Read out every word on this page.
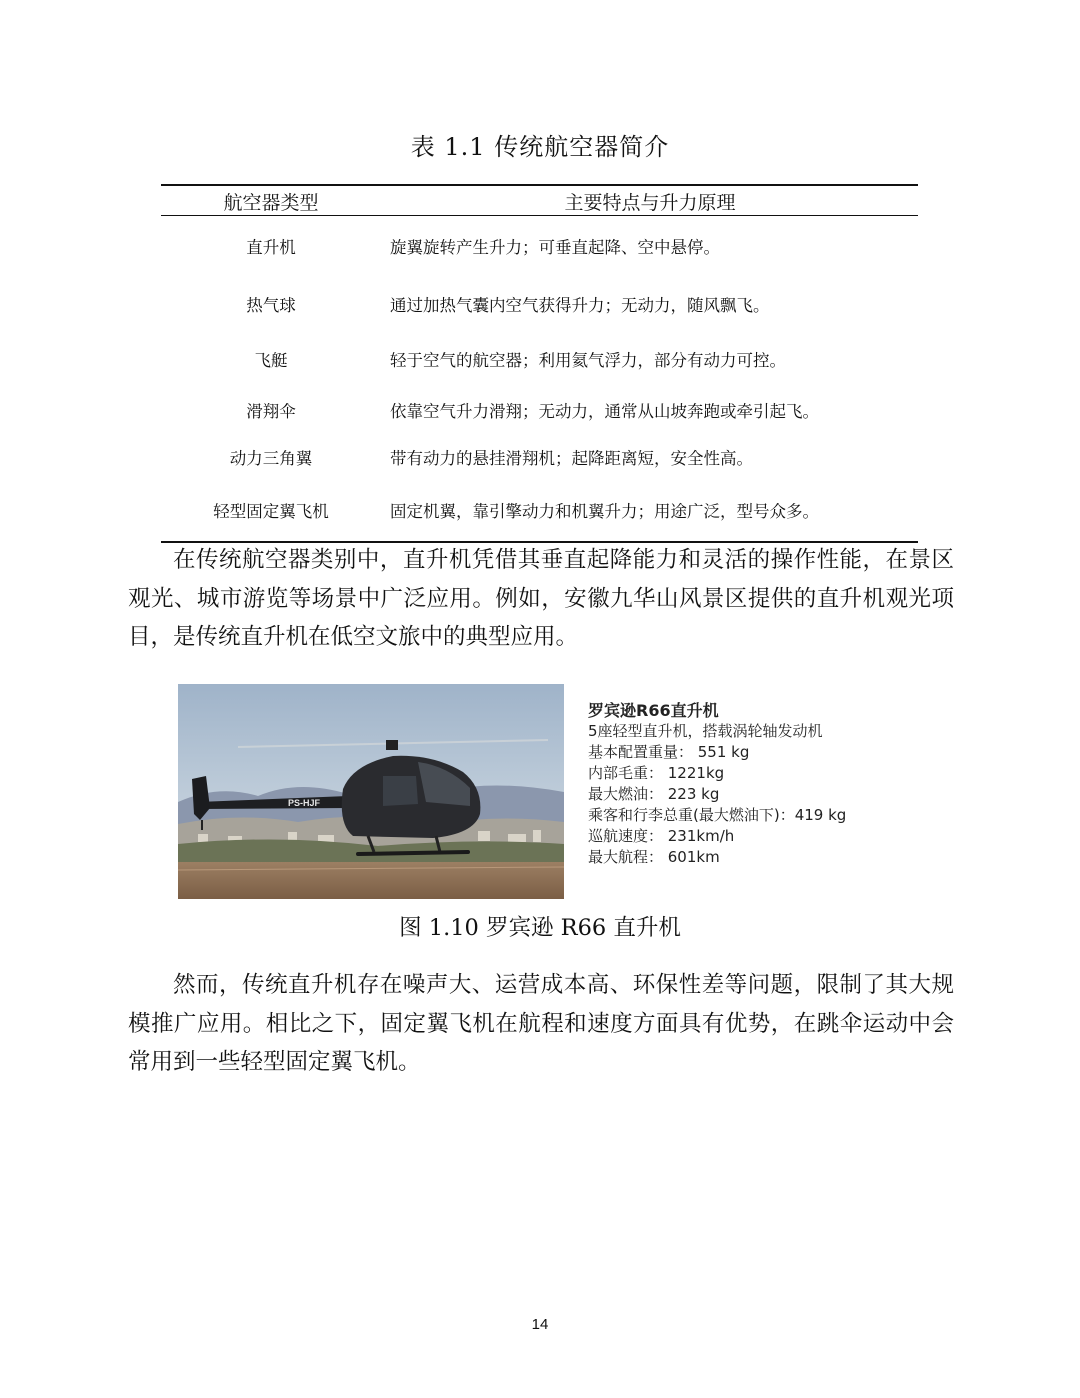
表 1.1 传统航空器简介
航空器类型	主要特点与升力原理
直升机	旋翼旋转产生升力；可垂直起降、空中悬停。
热气球	通过加热气囊内空气获得升力；无动力，随风飘飞。
飞艇	轻于空气的航空器；利用氦气浮力，部分有动力可控。
滑翔伞	依靠空气升力滑翔；无动力，通常从山坡奔跑或牵引起飞。
动力三角翼	带有动力的悬挂滑翔机；起降距离短，安全性高。
轻型固定翼飞机	固定机翼，靠引擎动力和机翼升力；用途广泛，型号众多。

在传统航空器类别中，直升机凭借其垂直起降能力和灵活的操作性能，在景区观光、城市游览等场景中广泛应用。例如，安徽九华山风景区提供的直升机观光项目，是传统直升机在低空文旅中的典型应用。

PS-HJF
罗宾逊R66直升机
5座轻型直升机，搭载涡轮轴发动机
基本配置重量： 551 kg
内部毛重： 1221kg
最大燃油： 223 kg
乘客和行李总重(最大燃油下)：419 kg
巡航速度： 231km/h
最大航程： 601km
图 1.10 罗宾逊 R66 直升机

然而，传统直升机存在噪声大、运营成本高、环保性差等问题，限制了其大规模推广应用。相比之下，固定翼飞机在航程和速度方面具有优势，在跳伞运动中会常用到一些轻型固定翼飞机。

14
